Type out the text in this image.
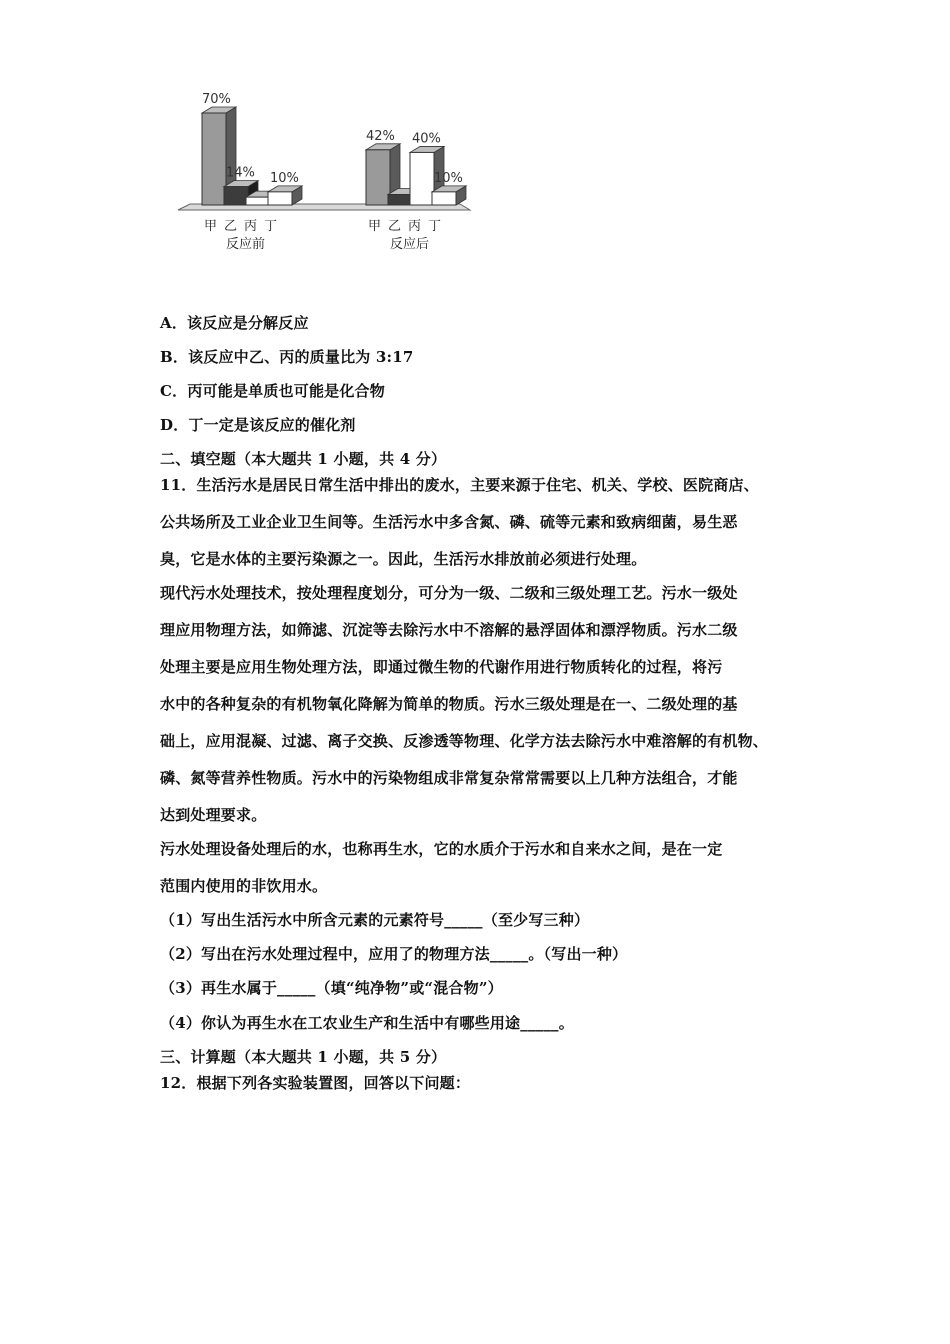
70%
甲
14%
乙 丙
10%
丁
反应前
42%
甲 乙
40%
丙
10%
丁
反应后
A．该反应是分解反应
B．该反应中乙、丙的质量比为 3:17
C．丙可能是单质也可能是化合物
D．丁一定是该反应的催化剂
二、填空题（本大题共 1 小题，共 4 分）
11．生活污水是居民日常生活中排出的废水，主要来源于住宅、机关、学校、医院商店、
公共场所及工业企业卫生间等。生活污水中多含氮、磷、硫等元素和致病细菌，易生恶
臭，它是水体的主要污染源之一。因此，生活污水排放前必须进行处理。
现代污水处理技术，按处理程度划分，可分为一级、二级和三级处理工艺。污水一级处
理应用物理方法，如筛滤、沉淀等去除污水中不溶解的悬浮固体和漂浮物质。污水二级
处理主要是应用生物处理方法，即通过微生物的代谢作用进行物质转化的过程，将污
水中的各种复杂的有机物氧化降解为简单的物质。污水三级处理是在一、二级处理的基
础上，应用混凝、过滤、离子交换、反渗透等物理、化学方法去除污水中难溶解的有机物、
磷、氮等营养性物质。污水中的污染物组成非常复杂常常需要以上几种方法组合，才能
达到处理要求。
污水处理设备处理后的水，也称再生水，它的水质介于污水和自来水之间，是在一定
范围内使用的非饮用水。
（1）写出生活污水中所含元素的元素符号_____（至少写三种）
（2）写出在污水处理过程中，应用了的物理方法_____。（写出一种）
（3）再生水属于_____（填“纯净物”或“混合物”）
（4）你认为再生水在工农业生产和生活中有哪些用途_____。
三、计算题（本大题共 1 小题，共 5 分）
12．根据下列各实验装置图，回答以下问题：
